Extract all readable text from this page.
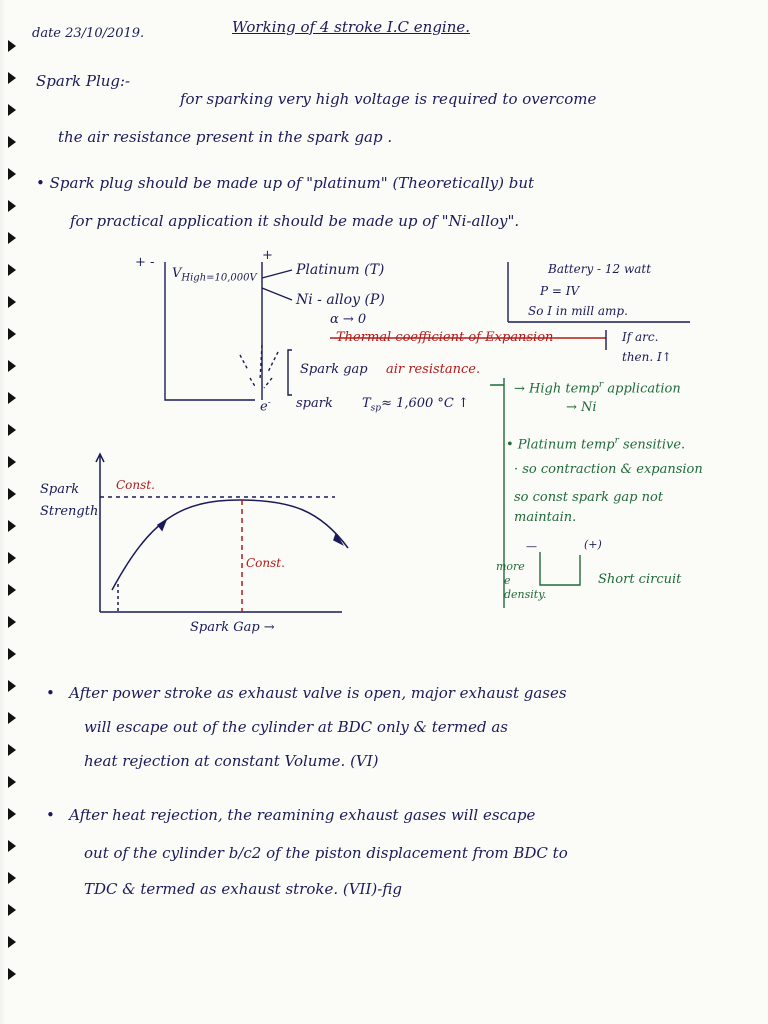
date 23/10/2019.	Working of 4 stroke I.C engine.
Spark Plug:-
for sparking very high voltage is required to overcome
the air resistance present in the spark gap .
• Spark plug should be made up of "platinum" (Theoretically) but
for practical application it should be made up of "Ni-alloy".
+ -	+
$V_{High=10,000V}$
Platinum (T)
Ni - alloy (P)
α → 0
Thermal coefficient of Expansion
Spark gap air resistance.
e- spark $T_{sp}\approx 1,600$ °C ↑
Battery - 12 watt
P = IV
So I in mill amp.
If arc.
then. I↑
→ High temp$^r$ application
→ Ni
• Platinum temp$^r$ sensitive.
· so contraction & expansion
so const spark gap not
maintain.
—	(+)
more
e
density.
Short circuit
Spark
Strength
Const.
Const.
Spark Gap →
•   After power stroke as exhaust valve is open, major exhaust gases
will escape out of the cylinder at BDC only & termed as
heat rejection at constant Volume. (VI)
•   After heat rejection, the reamining exhaust gases will escape
out of the cylinder b/c2 of the piston displacement from BDC to
TDC & termed as exhaust stroke. (VII)-fig
